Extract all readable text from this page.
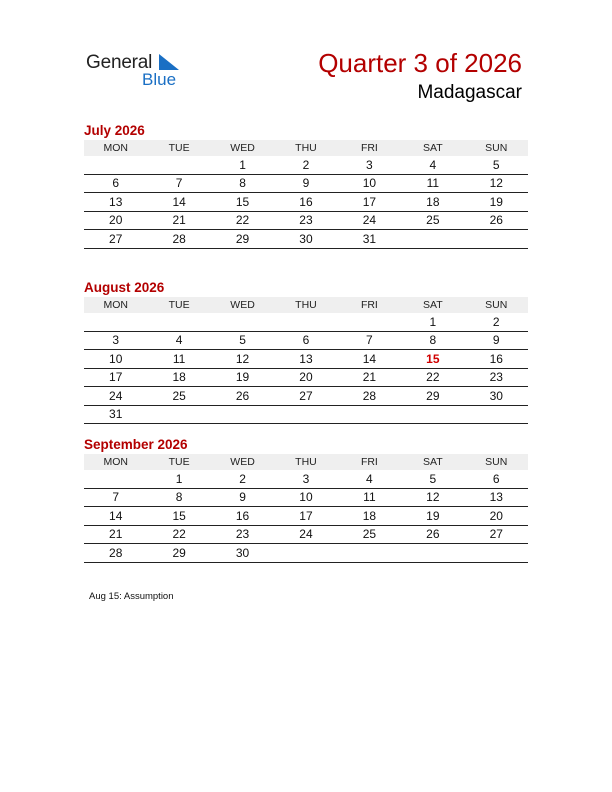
General
Blue
Quarter 3 of 2026
Madagascar
July 2026
MON	TUE	WED	THU	FRI	SAT	SUN
		1	2	3	4	5
6	7	8	9	10	11	12
13	14	15	16	17	18	19
20	21	22	23	24	25	26
27	28	29	30	31		
August 2026
MON	TUE	WED	THU	FRI	SAT	SUN
					1	2
3	4	5	6	7	8	9
10	11	12	13	14	15	16
17	18	19	20	21	22	23
24	25	26	27	28	29	30
31						
September 2026
MON	TUE	WED	THU	FRI	SAT	SUN
	1	2	3	4	5	6
7	8	9	10	11	12	13
14	15	16	17	18	19	20
21	22	23	24	25	26	27
28	29	30				
Aug 15: Assumption
